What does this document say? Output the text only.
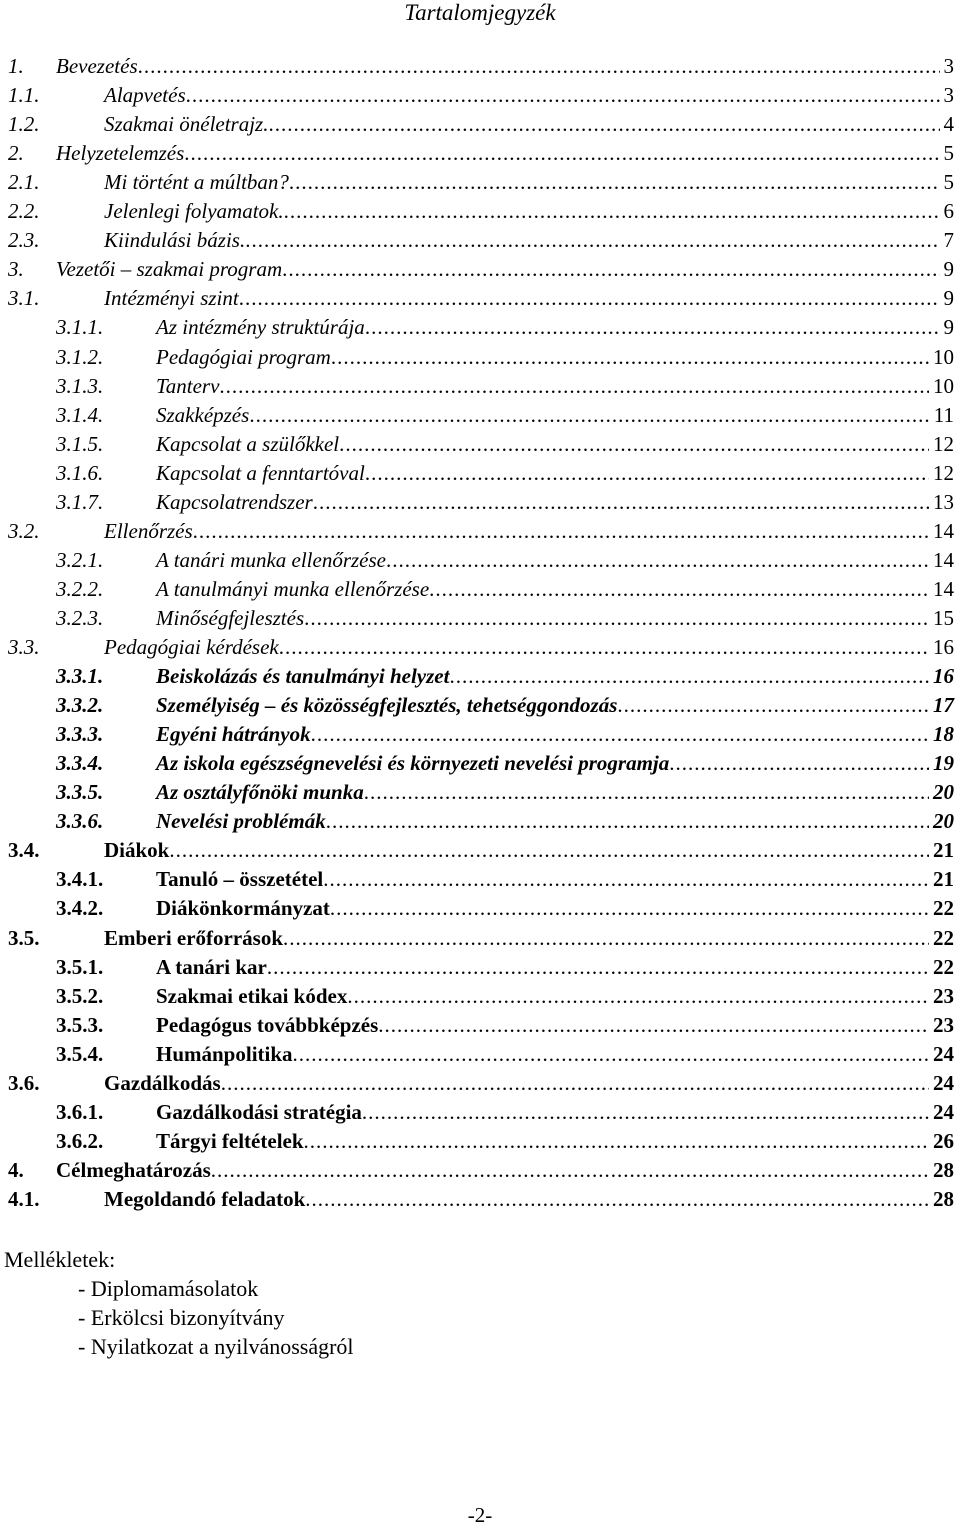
Tartalomjegyzék
1. Bevezetés .....	3
1.1.	Alapvetés .....	3
1.2.	Szakmai önéletrajz. .....	4
2. Helyzetelemzés .....	5
2.1.	Mi történt a múltban? .....	5
2.2.	Jelenlegi folyamatok. .....	6
2.3.	Kiindulási bázis. .....	7
3. Vezetői – szakmai program .....	9
3.1.	Intézményi szint .....	9
3.1.1.	Az intézmény struktúrája .....	9
3.1.2.	Pedagógiai program .....	10
3.1.3.	Tanterv .....	10
3.1.4.	Szakképzés .....	11
3.1.5.	Kapcsolat a szülőkkel .....	12
3.1.6.	Kapcsolat a fenntartóval .....	12
3.1.7.	Kapcsolatrendszer .....	13
3.2.	Ellenőrzés .....	14
3.2.1.	A tanári munka ellenőrzése .....	14
3.2.2.	A tanulmányi munka ellenőrzése .....	14
3.2.3.	Minőségfejlesztés .....	15
3.3.	Pedagógiai kérdések .....	16
3.3.1.	Beiskolázás és tanulmányi helyzet .....	16
3.3.2.	Személyiség – és közösségfejlesztés, tehetséggondozás .....	17
3.3.3.	Egyéni hátrányok .....	18
3.3.4.	Az iskola egészségnevelési és környezeti nevelési programja .....	19
3.3.5.	Az osztályfőnöki munka .....	20
3.3.6.	Nevelési problémák .....	20
3.4.	Diákok .....	21
3.4.1.	Tanuló – összetétel .....	21
3.4.2.	Diákönkormányzat .....	22
3.5.	Emberi erőforrások .....	22
3.5.1.	A tanári kar .....	22
3.5.2.	Szakmai etikai kódex .....	23
3.5.3.	Pedagógus továbbképzés .....	23
3.5.4.	Humánpolitika .....	24
3.6.	Gazdálkodás .....	24
3.6.1.	Gazdálkodási stratégia .....	24
3.6.2.	Tárgyi feltételek .....	26
4. Célmeghatározás .....	28
4.1.	Megoldandó feladatok .....	28
Mellékletek:
- Diplomamásolatok
- Erkölcsi bizonyítvány
- Nyilatkozat a nyilvánosságról
-2-
